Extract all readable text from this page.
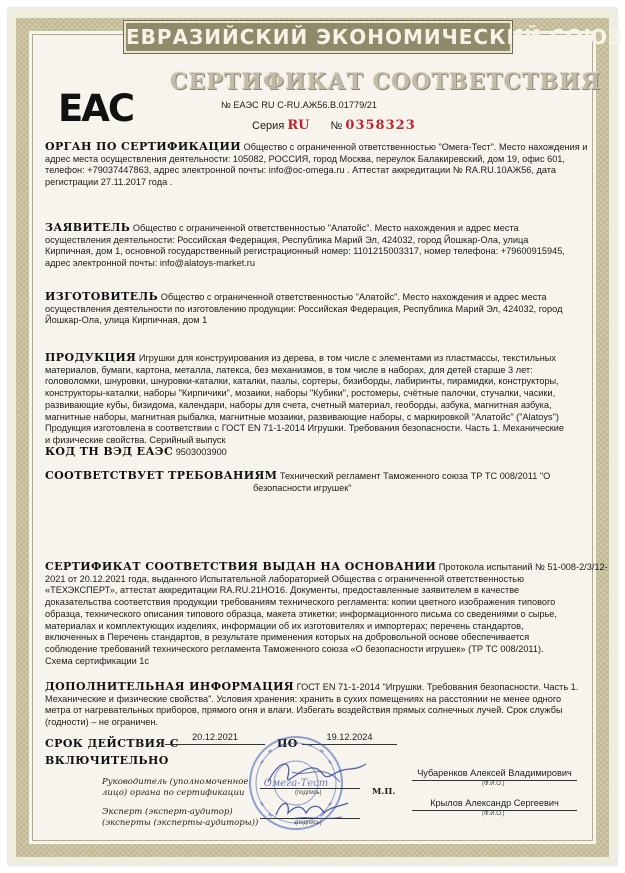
ЕВРАЗИЙСКИЙ ЭКОНОМИЧЕСКИЙ СОЮЗ
СЕРТИФИКАТ СООТВЕТСТВИЯ
ЕАС	№ ЕАЭС RU C-RU.АЖ56.В.01779/21
Серия RU № 0358323
ОРГАН ПО СЕРТИФИКАЦИИ Общество с ограниченной ответственностью "Омега-Тест". Место нахождения и
адрес места осуществления деятельности: 105082, РОССИЯ, город Москва, переулок Балакиревский, дом 19, офис 601,
телефон: +79037447863, адрес электронной почты: info@oc-omega.ru . Аттестат аккредитации № RA.RU.10АЖ56, дата
регистрации 27.11.2017 года .
ЗАЯВИТЕЛЬ Общество с ограниченной ответственностью "Алатойс". Место нахождения и адрес места
осуществления деятельности: Российская Федерация, Республика Марий Эл, 424032, город Йошкар-Ола, улица
Кирпичная, дом 1, основной государственный регистрационный номер: 1101215003317, номер телефона: +79600915945,
адрес электронной почты: info@alatoys-market.ru
ИЗГОТОВИТЕЛЬ Общество с ограниченной ответственностью "Алатойс". Место нахождения и адрес места
осуществления деятельности по изготовлению продукции: Российская Федерация, Республика Марий Эл, 424032, город
Йошкар-Ола, улица Кирпичная, дом 1
ПРОДУКЦИЯ Игрушки для конструирования из дерева, в том числе с элементами из пластмассы, текстильных
материалов, бумаги, картона, металла, латекса, без механизмов, в том числе в наборах, для детей старше 3 лет:
головоломки, шнуровки, шнуровки-каталки, каталки, пазлы, сортеры, бизиборды, лабиринты, пирамидки, конструкторы,
конструкторы-каталки, наборы "Кирпичики", мозаики, наборы "Кубики", ростомеры, счётные палочки, стучалки, часики,
развивающие кубы, бизидома, календари, наборы для счета, счетный материал, геоборды, азбука, магнитная азбука,
магнитные наборы, магнитная рыбалка, магнитные мозаики, развивающие наборы, с маркировкой "Алатойс" ("Alatoys")
Продукция изготовлена в соответствии с ГОСТ EN 71-1-2014 Игрушки. Требования безопасности. Часть 1. Механические
и физические свойства. Серийный выпуск
КОД ТН ВЭД ЕАЭС 9503003900
СООТВЕТСТВУЕТ ТРЕБОВАНИЯМ Технический регламент Таможенного союза ТР ТС 008/2011 "О
безопасности игрушек"
СЕРТИФИКАТ СООТВЕТСТВИЯ ВЫДАН НА ОСНОВАНИИ Протокола испытаний № 51-008-2/3/12-
2021 от 20.12.2021 года, выданного Испытательной лабораторией Общества с ограниченной ответственностью
«ТЕХЭКСПЕРТ», аттестат аккредитации RA.RU.21НО16. Документы, предоставленные заявителем в качестве
доказательства соответствия продукции требованиям технического регламента: копии цветного изображения типового
образца, технического описания типового образца, макета этикетки; информационного письма со сведениями о сырье,
материалах и комплектующих изделиях, информации об их изготовителях и импортерах; перечень стандартов,
включенных в Перечень стандартов, в результате применения которых на добровольной основе обеспечивается
соблюдение требований технического регламента Таможенного союза «О безопасности игрушек» (ТР ТС 008/2011).
Схема сертификации 1с
ДОПОЛНИТЕЛЬНАЯ ИНФОРМАЦИЯ ГОСТ EN 71-1-2014 "Игрушки. Требования безопасности. Часть 1.
Механические и физические свойства". Условия хранения: хранить в сухих помещениях на расстоянии не менее одного
метра от нагревательных приборов, прямого огня и влаги. Избегать воздействия прямых солнечных лучей. Срок службы
(годности) – не ограничен.
СРОК ДЕЙСТВИЯ С
ВКЛЮЧИТЕЛЬНО
20.12.2021	ПО	19.12.2024
Руководитель (уполномоченное
лицо) органа по сертификации
Эксперт (эксперт-аудитор)
(эксперты (эксперты-аудиторы))
(подпись)
(подпись)
М.П.
Чубаренков Алексей Владимирович
(Ф.И.О.)
Крылов Александр Сергеевич
(Ф.И.О.)
Омега-Тест
